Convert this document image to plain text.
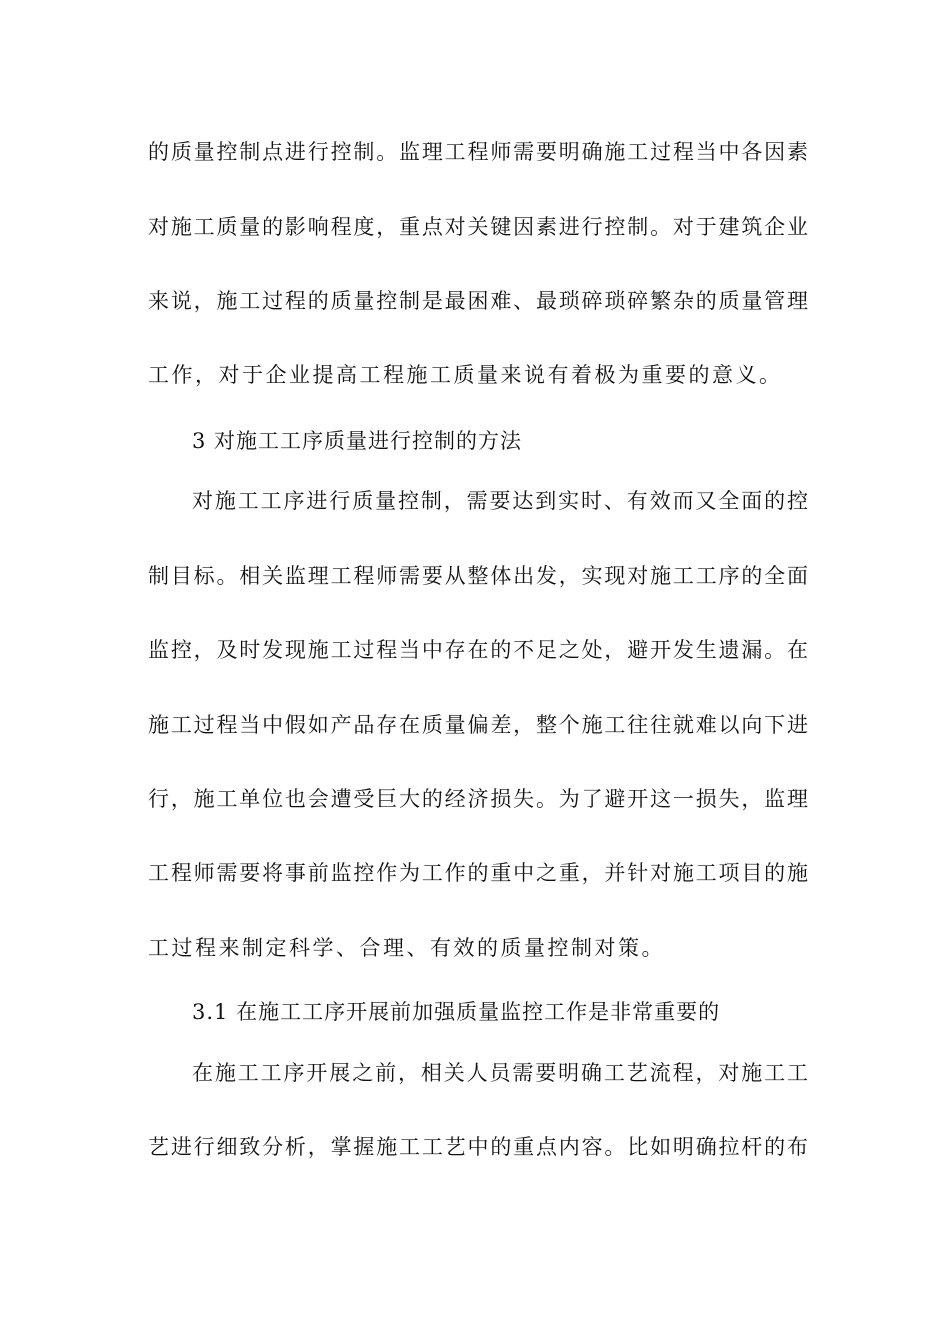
的质量控制点进行控制。监理工程师需要明确施工过程当中各因素
对施工质量的影响程度，重点对关键因素进行控制。对于建筑企业
来说，施工过程的质量控制是最困难、最琐碎琐碎繁杂的质量管理
工作，对于企业提高工程施工质量来说有着极为重要的意义。
3 对施工工序质量进行控制的方法
对施工工序进行质量控制，需要达到实时、有效而又全面的控
制目标。相关监理工程师需要从整体出发，实现对施工工序的全面
监控，及时发现施工过程当中存在的不足之处，避开发生遗漏。在
施工过程当中假如产品存在质量偏差，整个施工往往就难以向下进
行，施工单位也会遭受巨大的经济损失。为了避开这一损失，监理
工程师需要将事前监控作为工作的重中之重，并针对施工项目的施
工过程来制定科学、合理、有效的质量控制对策。
3.1 在施工工序开展前加强质量监控工作是非常重要的
在施工工序开展之前，相关人员需要明确工艺流程，对施工工
艺进行细致分析，掌握施工工艺中的重点内容。比如明确拉杆的布
